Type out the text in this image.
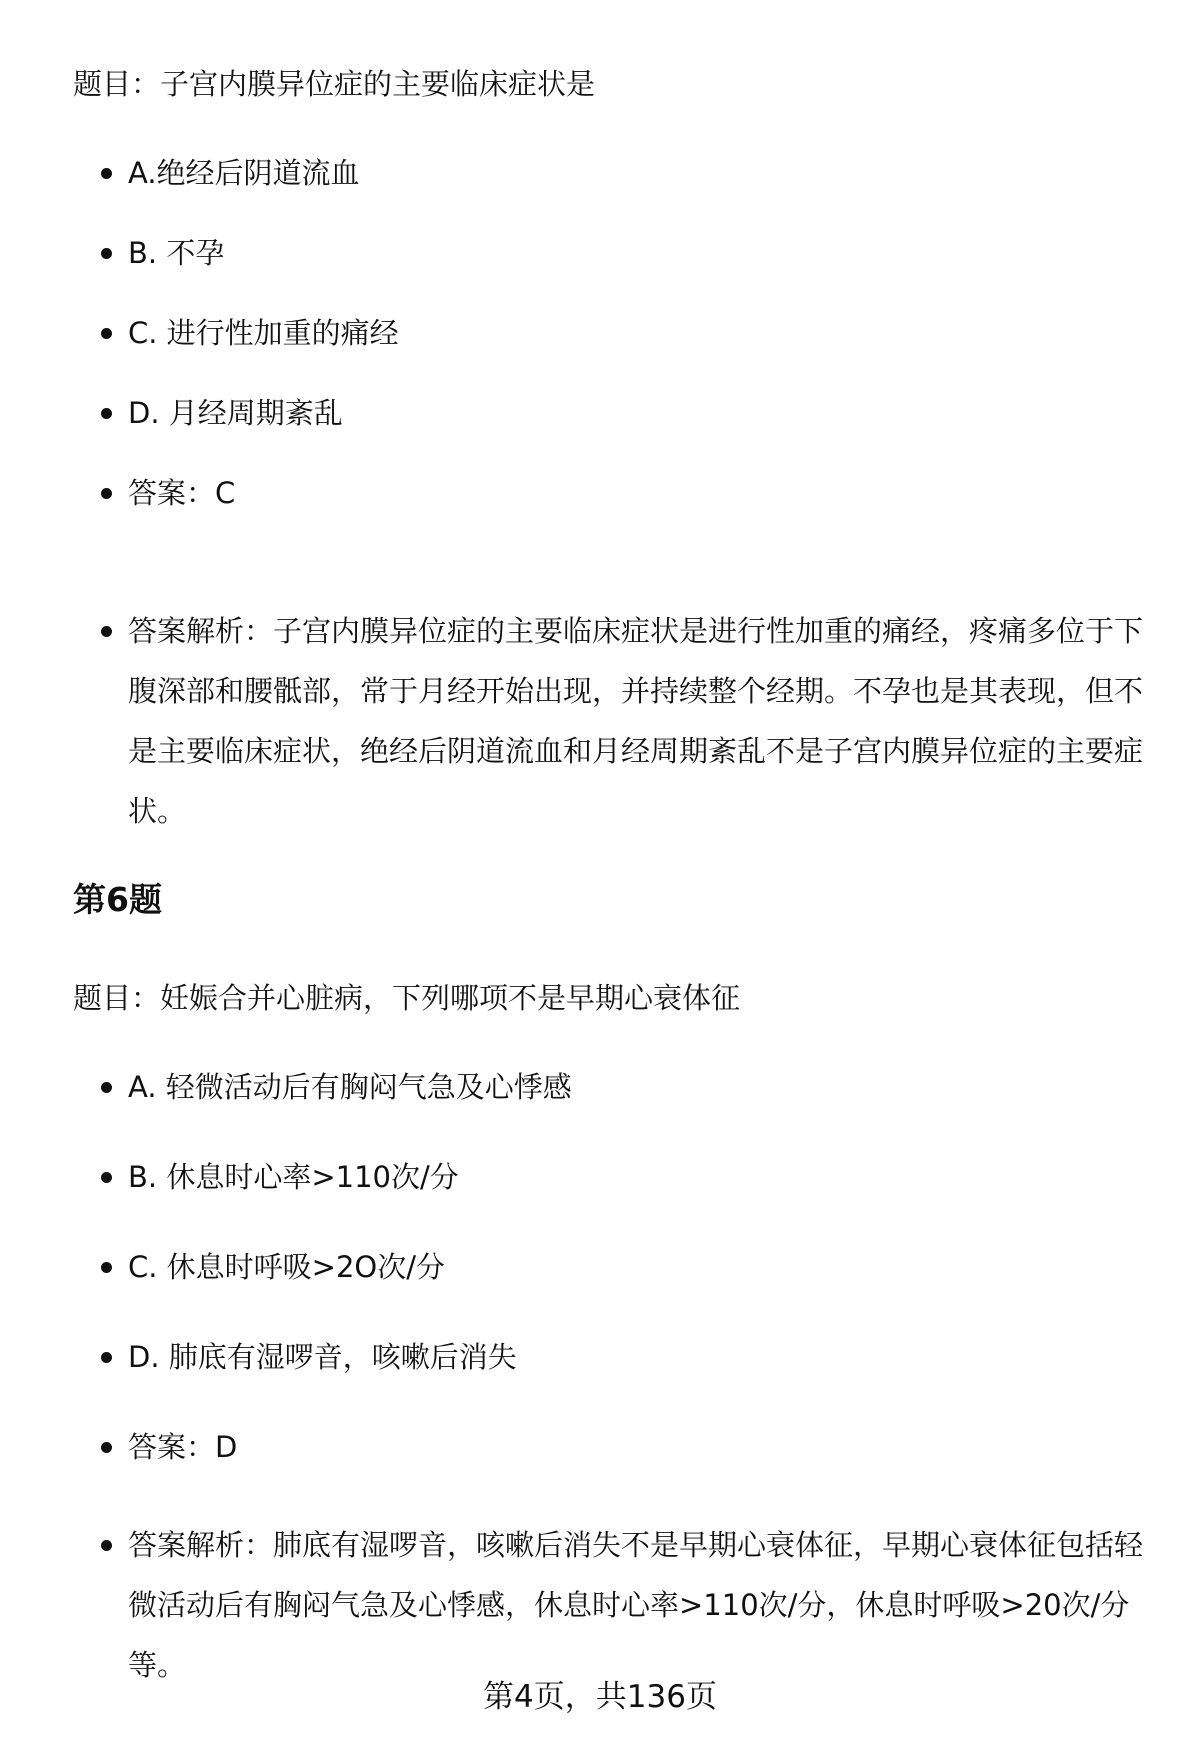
题目：子宫内膜异位症的主要临床症状是
A.绝经后阴道流血
B. 不孕
C. 进行性加重的痛经
D. 月经周期紊乱
答案：C
答案解析：子宫内膜异位症的主要临床症状是进行性加重的痛经，疼痛多位于下腹深部和腰骶部，常于月经开始出现，并持续整个经期。不孕也是其表现，但不是主要临床症状，绝经后阴道流血和月经周期紊乱不是子宫内膜异位症的主要症状。
第6题
题目：妊娠合并心脏病，下列哪项不是早期心衰体征
A. 轻微活动后有胸闷气急及心悸感
B. 休息时心率>110次/分
C. 休息时呼吸>2O次/分
D. 肺底有湿啰音，咳嗽后消失
答案：D
答案解析：肺底有湿啰音，咳嗽后消失不是早期心衰体征，早期心衰体征包括轻微活动后有胸闷气急及心悸感，休息时心率>110次/分，休息时呼吸>20次/分等。
第4页，共136页
